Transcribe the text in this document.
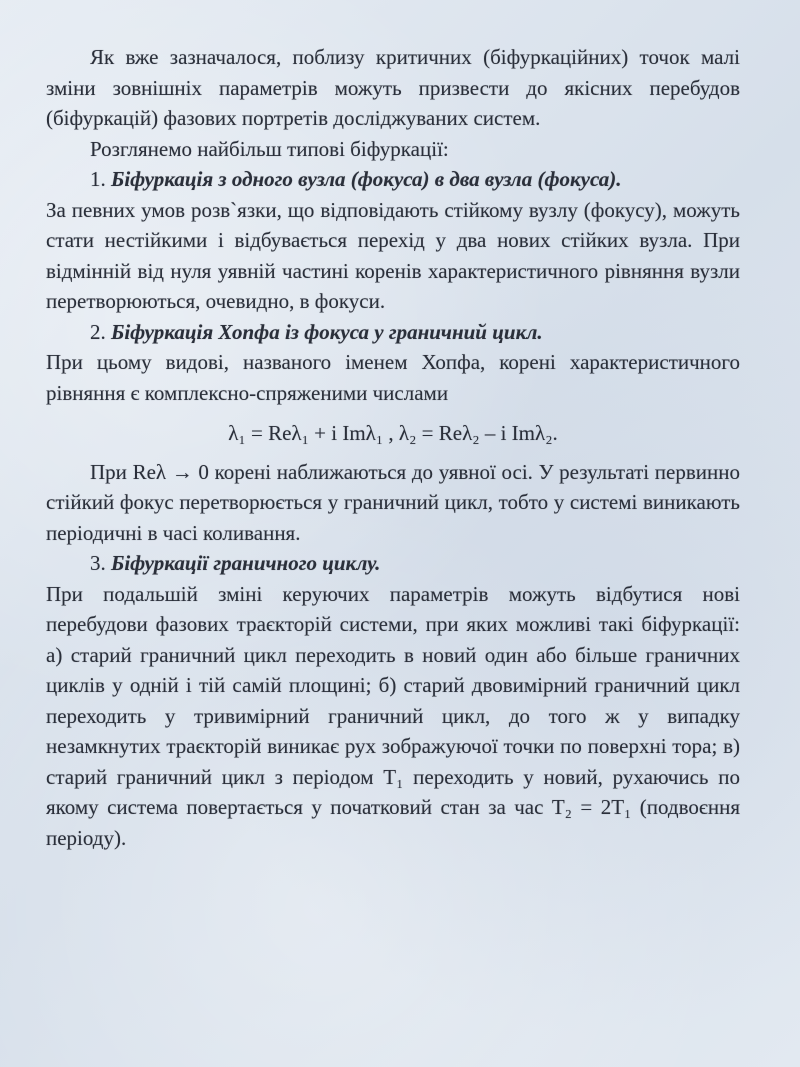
Як вже зазначалося, поблизу критичних (біфуркаційних) точок малі зміни зовнішніх параметрів можуть призвести до якісних перебудов (біфуркацій) фазових портретів досліджуваних систем.

Розглянемо найбільш типові біфуркації:

1. Біфуркація з одного вузла (фокуса) в два вузла (фокуса).

За певних умов розв`язки, що відповідають стійкому вузлу (фокусу), можуть стати нестійкими і відбувається перехід у два нових стійких вузла. При відмінній від нуля уявній частині коренів характеристичного рівняння вузли перетворюються, очевидно, в фокуси.

2. Біфуркація Хопфа із фокуса у граничний цикл.

При цьому видові, названого іменем Хопфа, корені характеристичного рівняння є комплексно-спряженими числами

λ₁ = Reλ₁ + i Imλ₁ , λ₂ = Reλ₂ – i Imλ₂.

При Reλ → 0 корені наближаються до уявної осі. У результаті первинно стійкий фокус перетворюється у граничний цикл, тобто у системі виникають періодичні в часі коливання.

3. Біфуркації граничного циклу.

При подальшій зміні керуючих параметрів можуть відбутися нові перебудови фазових траєкторій системи, при яких можливі такі біфуркації: а) старий граничний цикл переходить в новий один або більше граничних циклів у одній і тій самій площині; б) старий двовимірний граничний цикл переходить у тривимірний граничний цикл, до того ж у випадку незамкнутих траєкторій виникає рух зображуючої точки по поверхні тора; в) старий граничний цикл з періодом T₁ переходить у новий, рухаючись по якому система повертається у початковий стан за час T₂ = 2T₁ (подвоєння періоду).
